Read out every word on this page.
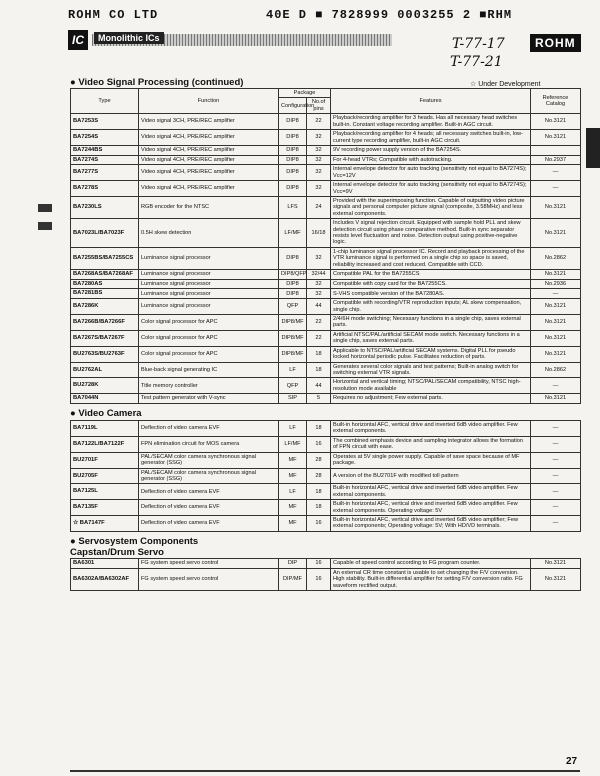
ROHM CO LTD	40E D ■ 7828999 0003255 2 ■RHM
IC	Monolithic ICs	T-77-17
T-77-21
ROHM
● Video Signal Processing (continued)	☆ Under Development
Type	Function	Package		Features	Reference Catalog
		Configuration	No.of pins		
BA7253S	Video signal 3CH, PRE/REC amplifier	DIP8	22	Playback/recording amplifier for 3 heads. Has all necessary head switches built-in. Constant voltage recording amplifier. Built-in AGC circuit.	No.3121
BA7254S	Video signal 4CH, PRE/REC amplifier	DIP8	32	Playback/recording amplifier for 4 heads; all necessary switches built-in, low-current type recording amplifier, built-in AGC circuit.	No.3121
BA7244BS	Video signal 4CH, PRE/REC amplifier	DIP8	32	9V recording power supply version of the BA7254S.	
BA7274S	Video signal 4CH, PRE/REC amplifier	DIP8	32	For 4-head VTRs; Compatible with autotracking.	No.2937
BA7277S	Video signal 4CH, PRE/REC amplifier	DIP8	32	Internal envelope detector for auto tracking (sensitivity not equal to BA7274S); Vcc=12V	—
BA7278S	Video signal 4CH, PRE/REC amplifier	DIP8	32	Internal envelope detector for auto tracking (sensitivity not equal to BA7274S); Vcc=9V	—
BA7230LS	RGB encoder for the NTSC	LFS	24	Provided with the superimposing function. Capable of outputting video picture signals and personal computer picture signal (composite, 3.58MHz) and less external components.	No.3121
BA7023L/BA7023F	0.5H skew detection	LF/MF	16/18	Includes V signal rejection circuit. Equipped with sample hold PLL and skew detection circuit using phase comparative method. Built-in sync separator resists level fluctuation and noise. Detection output using positive-negative logic.	No.3121
BA7255BS/BA7255CS	Luminance signal processor	DIP8	32	1-chip luminance signal processor IC. Record and playback processing of the VTR luminance signal is performed on a single chip so space is saved, reliability increased and cost reduced. Compatible with CCD.	No.2862
BA7268AS/BA7268AF	Luminance signal processor	DIP8/QFP	32/44	Compatible PAL for the BA7255CS	No.3121
BA7280AS	Luminance signal processor	DIP8	32	Compatible with copy card for the BA7255CS.	No.2936
BA7281BS	Luminance signal processor	DIP8	32	S-VHS compatible version of the BA7280AS.	—
BA7286K	Luminance signal processor	QFP	44	Compatible with recording/VTR reproduction inputs; AL skew compensation, single chip.	No.3121
BA7266B/BA7266F	Color signal processor for APC	DIP8/MF	22	2/4/6H mode switching; Necessary functions in a single chip, saves external parts.	No.3121
BA7267S/BA7267F	Color signal processor for APC	DIP8/MF	22	Artificial NTSC/PAL/artificial SECAM mode switch. Necessary functions in a single chip, saves external parts.	No.3121
BU2763S/BU2763F	Color signal processor for APC	DIP8/MF	18	Applicable to NTSC/PAL/artificial SECAM systems. Digital PLL for pseudo locked horizontal periodic pulse. Facilitates reduction of parts.	No.3121
BU2762AL	Blue-back signal generating IC	LF	18	Generates several color signals and test patterns; Built-in analog switch for switching external VTR signals.	No.2862
BU2728K	Title memory controller	QFP	44	Horizontal and vertical timing; NTSC/PAL/SECAM compatibility, NTSC high-resolution mode available	—
BA7044N	Test pattern generator with V-sync	SIP	5	Requires no adjustment; Few external parts.	No.3121
● Video Camera
BA7119L	Deflection of video camera EVF	LF	18	Built-in horizontal AFC, vertical drive and inverted 6dB video amplifier. Few external components.	—
BA7122L/BA7122F	FPN elimination circuit for MOS camera	LF/MF	16	The combined emphasis device and sampling integrator allows the formation of FPN circuit with ease.	—
BU2701F	PAL/SECAM color camera synchronous signal generator (SSG)	MF	28	Operates at 5V single power supply. Capable of save space because of MF package.	—
BU2705F	PAL/SECAM color camera synchronous signal generator (SSG)	MF	28	A version of the BU2701F with modified toll pattern	—
BA7125L	Deflection of video camera EVF	LF	18	Built-in horizontal AFC, vertical drive and inverted 6dB video amplifier. Few external components.	—
BA7135F	Deflection of video camera EVF	MF	18	Built-in horizontal AFC, vertical drive and inverted 6dB video amplifier. Few external components. Operating voltage: 5V	—
☆ BA7147F	Deflection of video camera EVF	MF	16	Built-in horizontal AFC, vertical drive and inverted 6dB video amplifier; Few external components; Operating voltage: 5V; With HD/VD terminals.	—
● Servosystem Components
Capstan/Drum Servo
BA6301	FG system speed servo control	DIP	16	Capable of speed control according to FG program counter.	No.3121
BA6302A/BA6302AF	FG system speed servo control	DIP/MF	16	An external CR time constant is usable to set changing the F/V conversion. High stability. Built-in differential amplifier for setting F/V conversion ratio. FG waveform rectified output.	No.3121
27
